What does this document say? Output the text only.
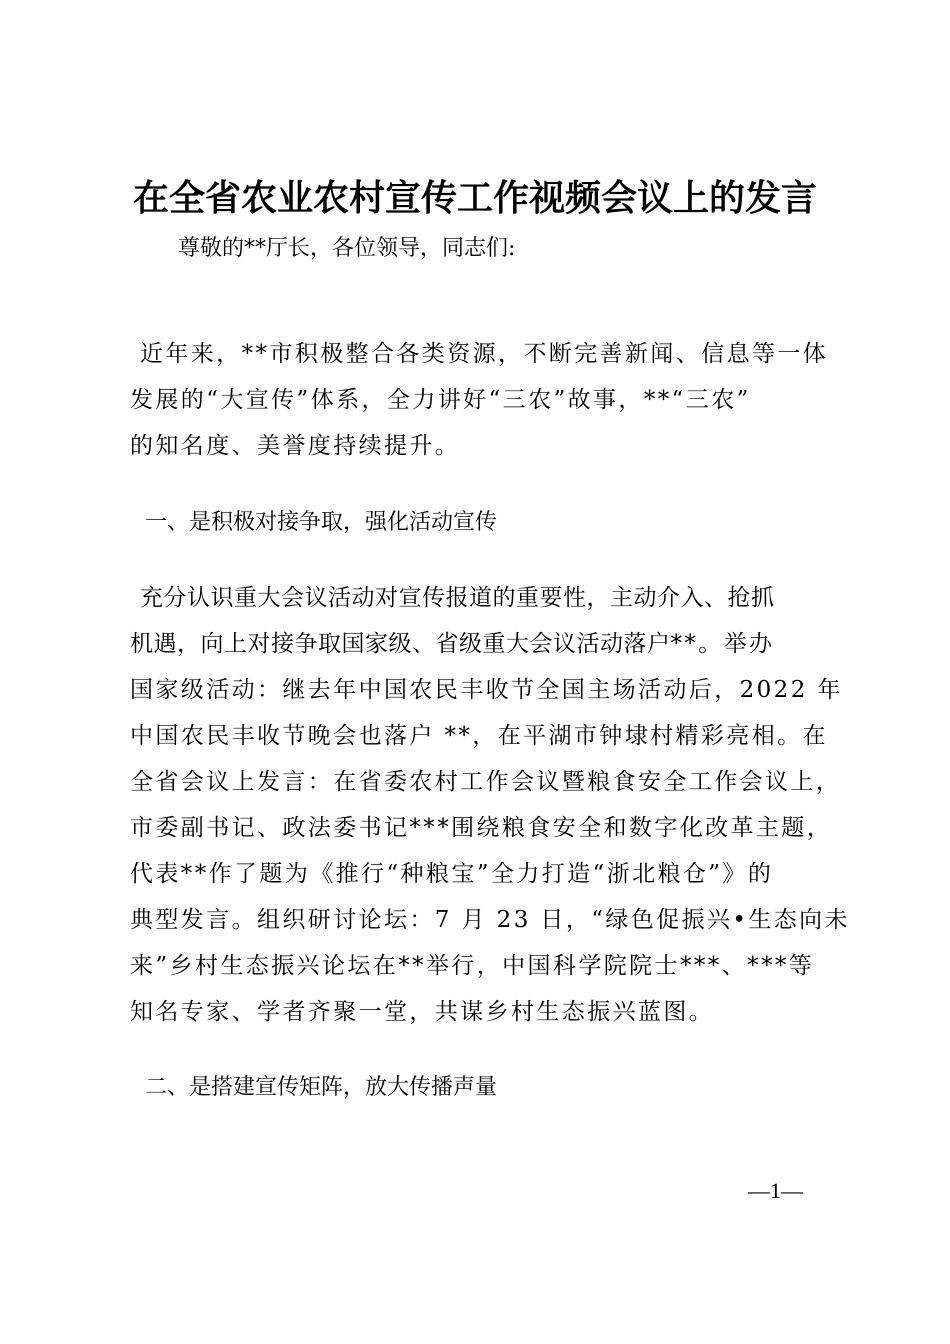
在全省农业农村宣传工作视频会议上的发言
尊敬的**厅长，各位领导，同志们:
近年来，**市积极整合各类资源，不断完善新闻、信息等一体
发展的“大宣传”体系，全力讲好“三农”故事，**“三农”
的知名度、美誉度持续提升。
一、是积极对接争取，强化活动宣传
充分认识重大会议活动对宣传报道的重要性，主动介入、抢抓
机遇，向上对接争取国家级、省级重大会议活动落户**。举办
国家级活动：继去年中国农民丰收节全国主场活动后，2022 年
中国农民丰收节晚会也落户 **，在平湖市钟埭村精彩亮相。在
全省会议上发言：在省委农村工作会议暨粮食安全工作会议上，
市委副书记、政法委书记***围绕粮食安全和数字化改革主题，
代表**作了题为《推行“种粮宝”全力打造“浙北粮仓”》的
典型发言。组织研讨论坛：7 月 23 日，“绿色促振兴•生态向未
来”乡村生态振兴论坛在**举行，中国科学院院士***、***等
知名专家、学者齐聚一堂，共谋乡村生态振兴蓝图。
二、是搭建宣传矩阵，放大传播声量
—1—
